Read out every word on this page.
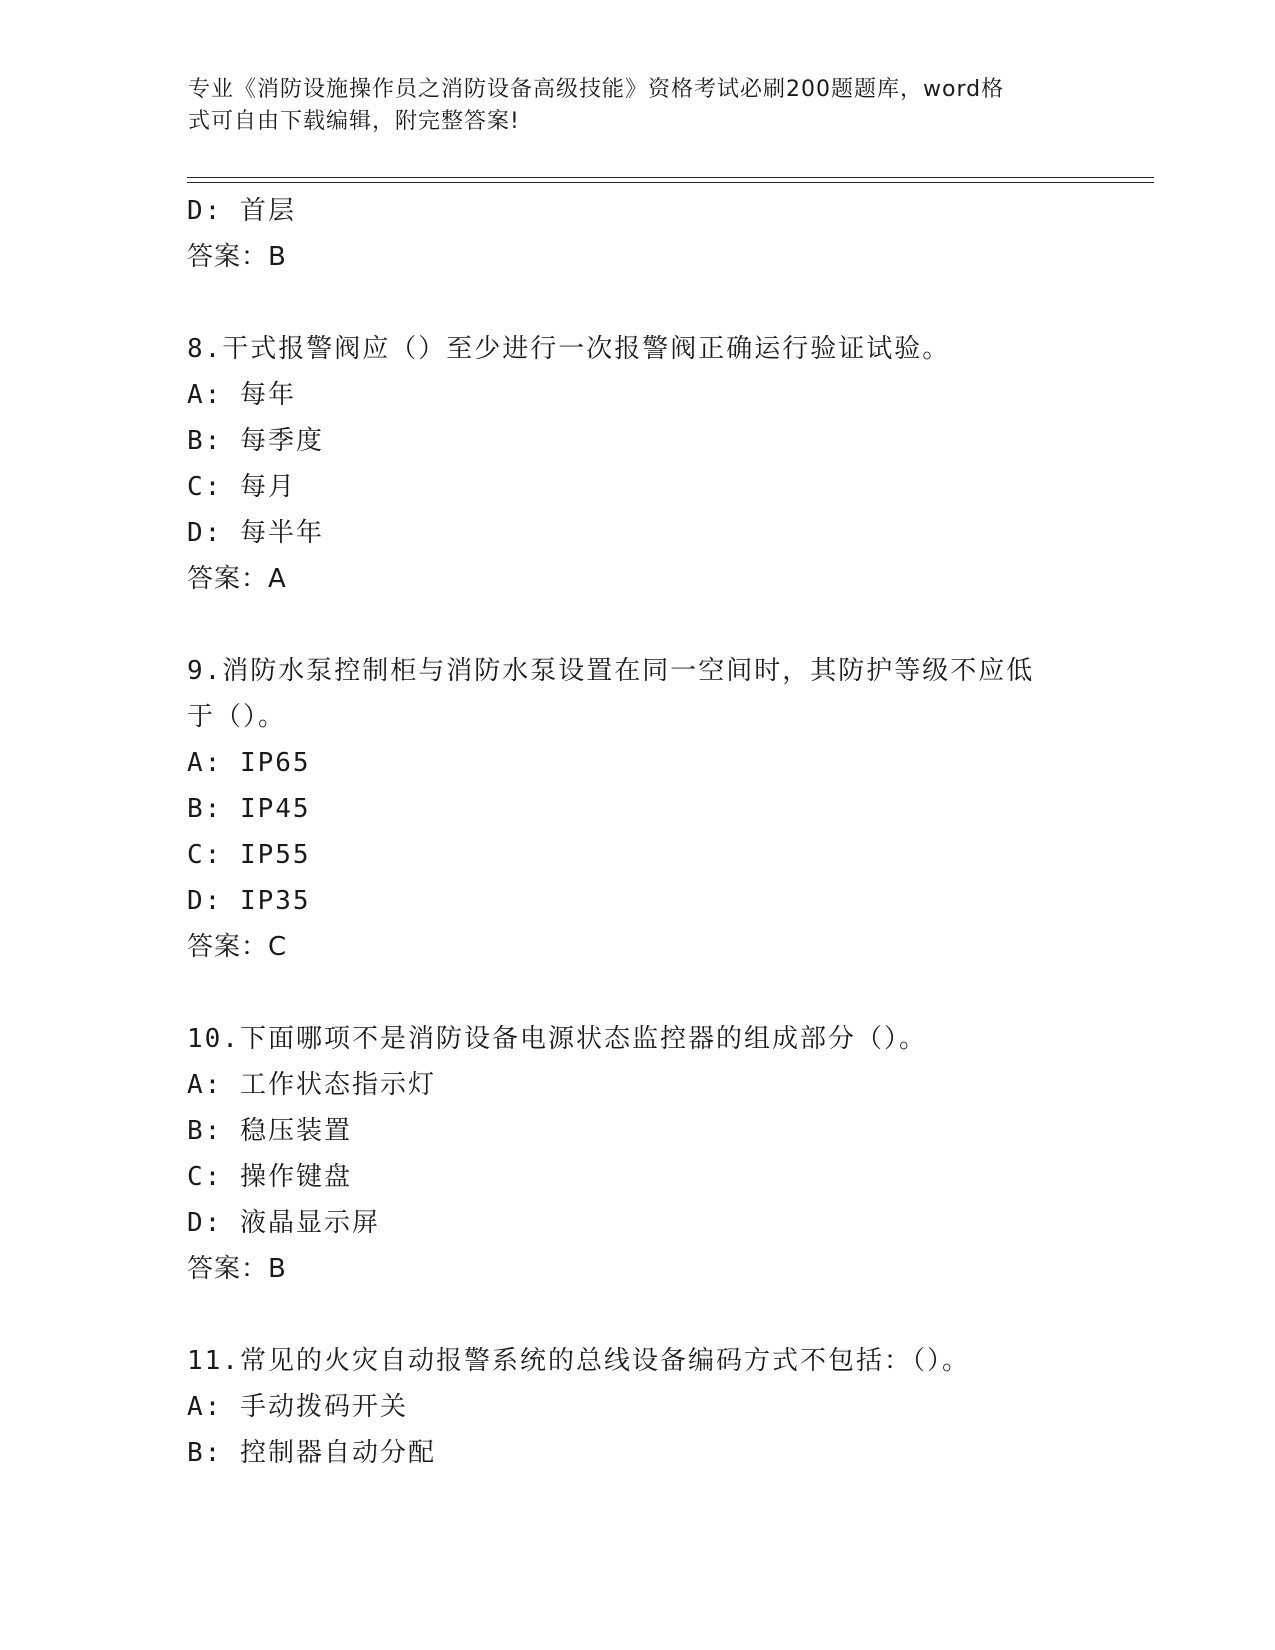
专业《消防设施操作员之消防设备高级技能》资格考试必刷200题题库，word格
式可自由下载编辑，附完整答案!
D: 首层
答案：B
8.干式报警阀应（）至少进行一次报警阀正确运行验证试验。
A: 每年
B: 每季度
C: 每月
D: 每半年
答案：A
9.消防水泵控制柜与消防水泵设置在同一空间时，其防护等级不应低
于（）。
A: IP65
B: IP45
C: IP55
D: IP35
答案：C
10.下面哪项不是消防设备电源状态监控器的组成部分（）。
A: 工作状态指示灯
B: 稳压装置
C: 操作键盘
D: 液晶显示屏
答案：B
11.常见的火灾自动报警系统的总线设备编码方式不包括：（）。
A: 手动拨码开关
B: 控制器自动分配
